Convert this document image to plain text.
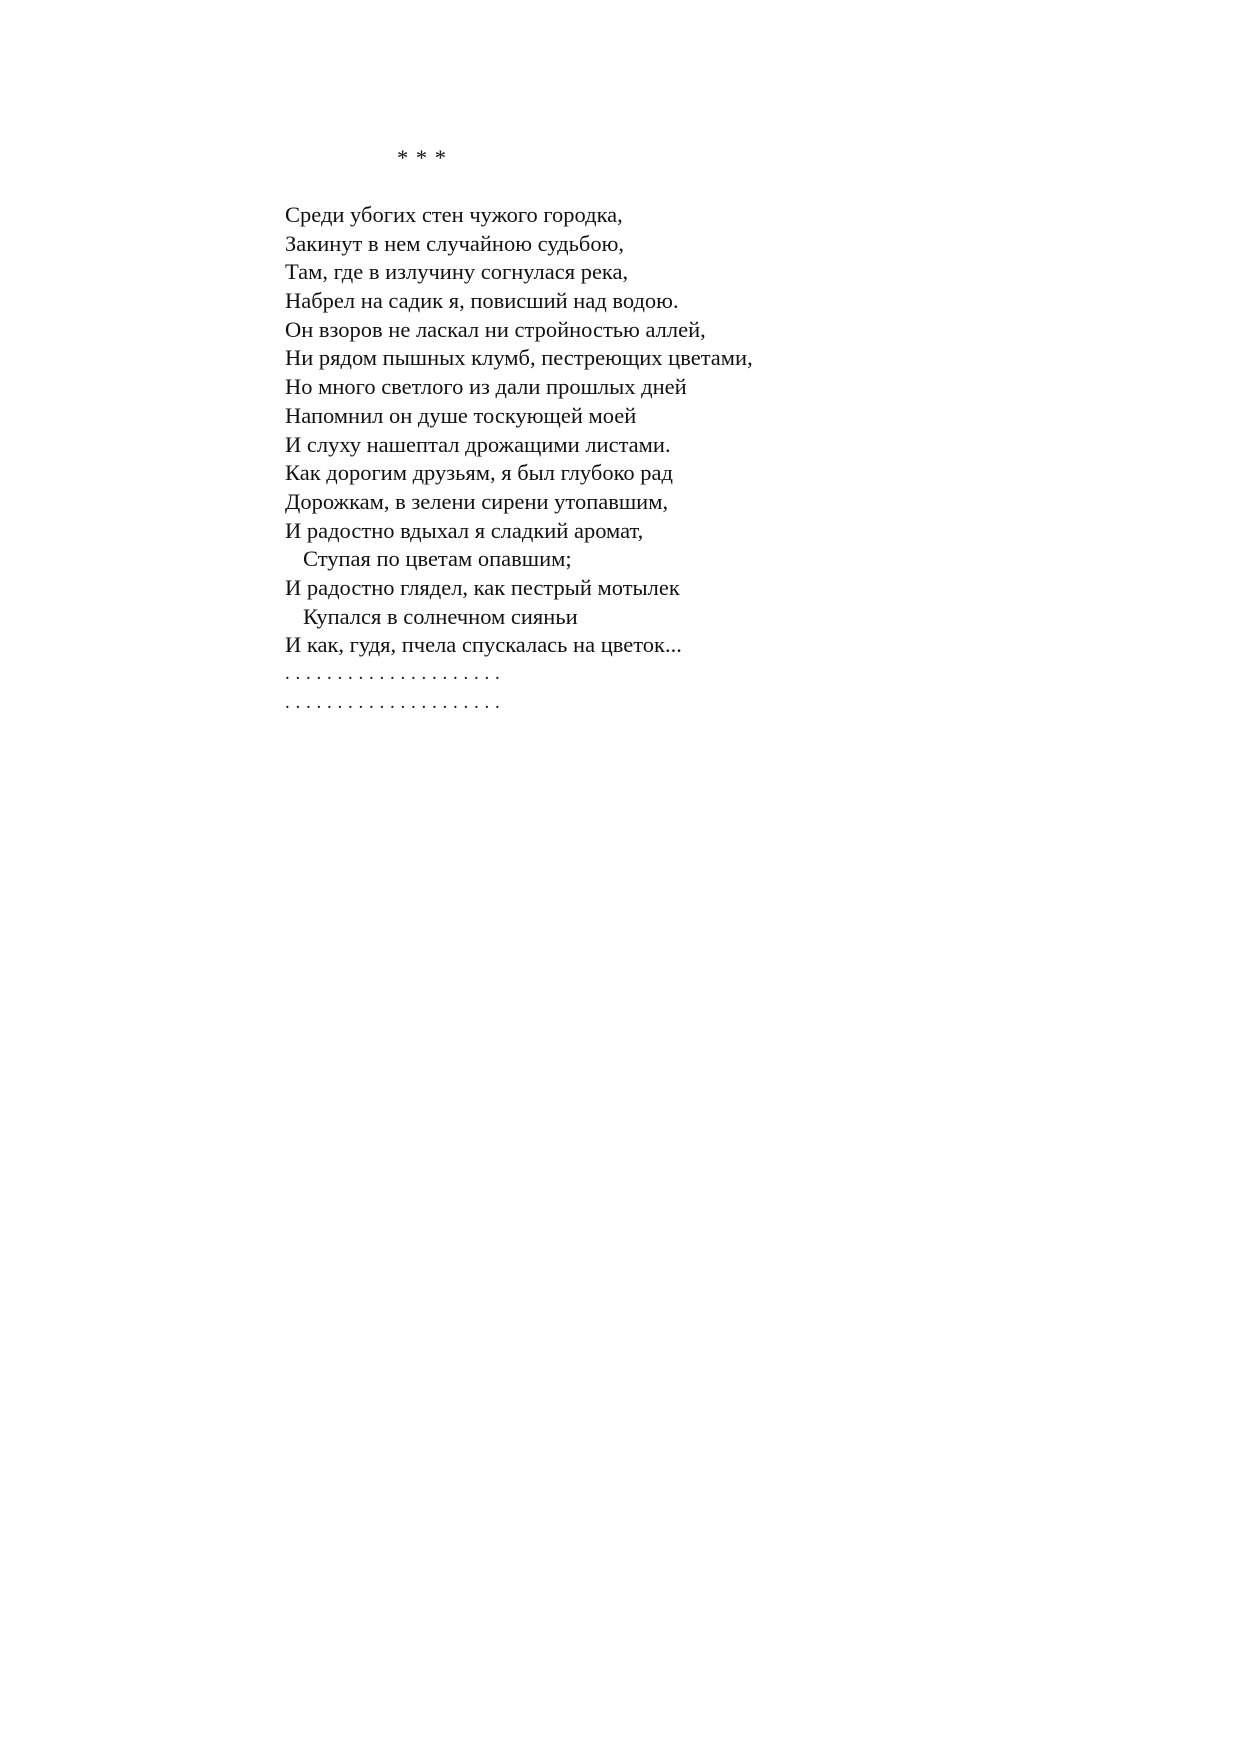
* * *
Среди убогих стен чужого городка,
Закинут в нем случайною судьбою,
Там, где в излучину согнулася река,
Набрел на садик я, повисший над водою.
Он взоров не ласкал ни стройностью аллей,
Ни рядом пышных клумб, пестреющих цветами,
Но много светлого из дали прошлых дней
Напомнил он душе тоскующей моей
И слуху нашептал дрожащими листами.
Как дорогим друзьям, я был глубоко рад
Дорожкам, в зелени сирени утопавшим,
И радостно вдыхал я сладкий аромат,
Ступая по цветам опавшим;
И радостно глядел, как пестрый мотылек
Купался в солнечном сияньи
И как, гудя, пчела спускалась на цветок...
. . . . . . . . . . . . . . . . . . . . .
. . . . . . . . . . . . . . . . . . . . .
